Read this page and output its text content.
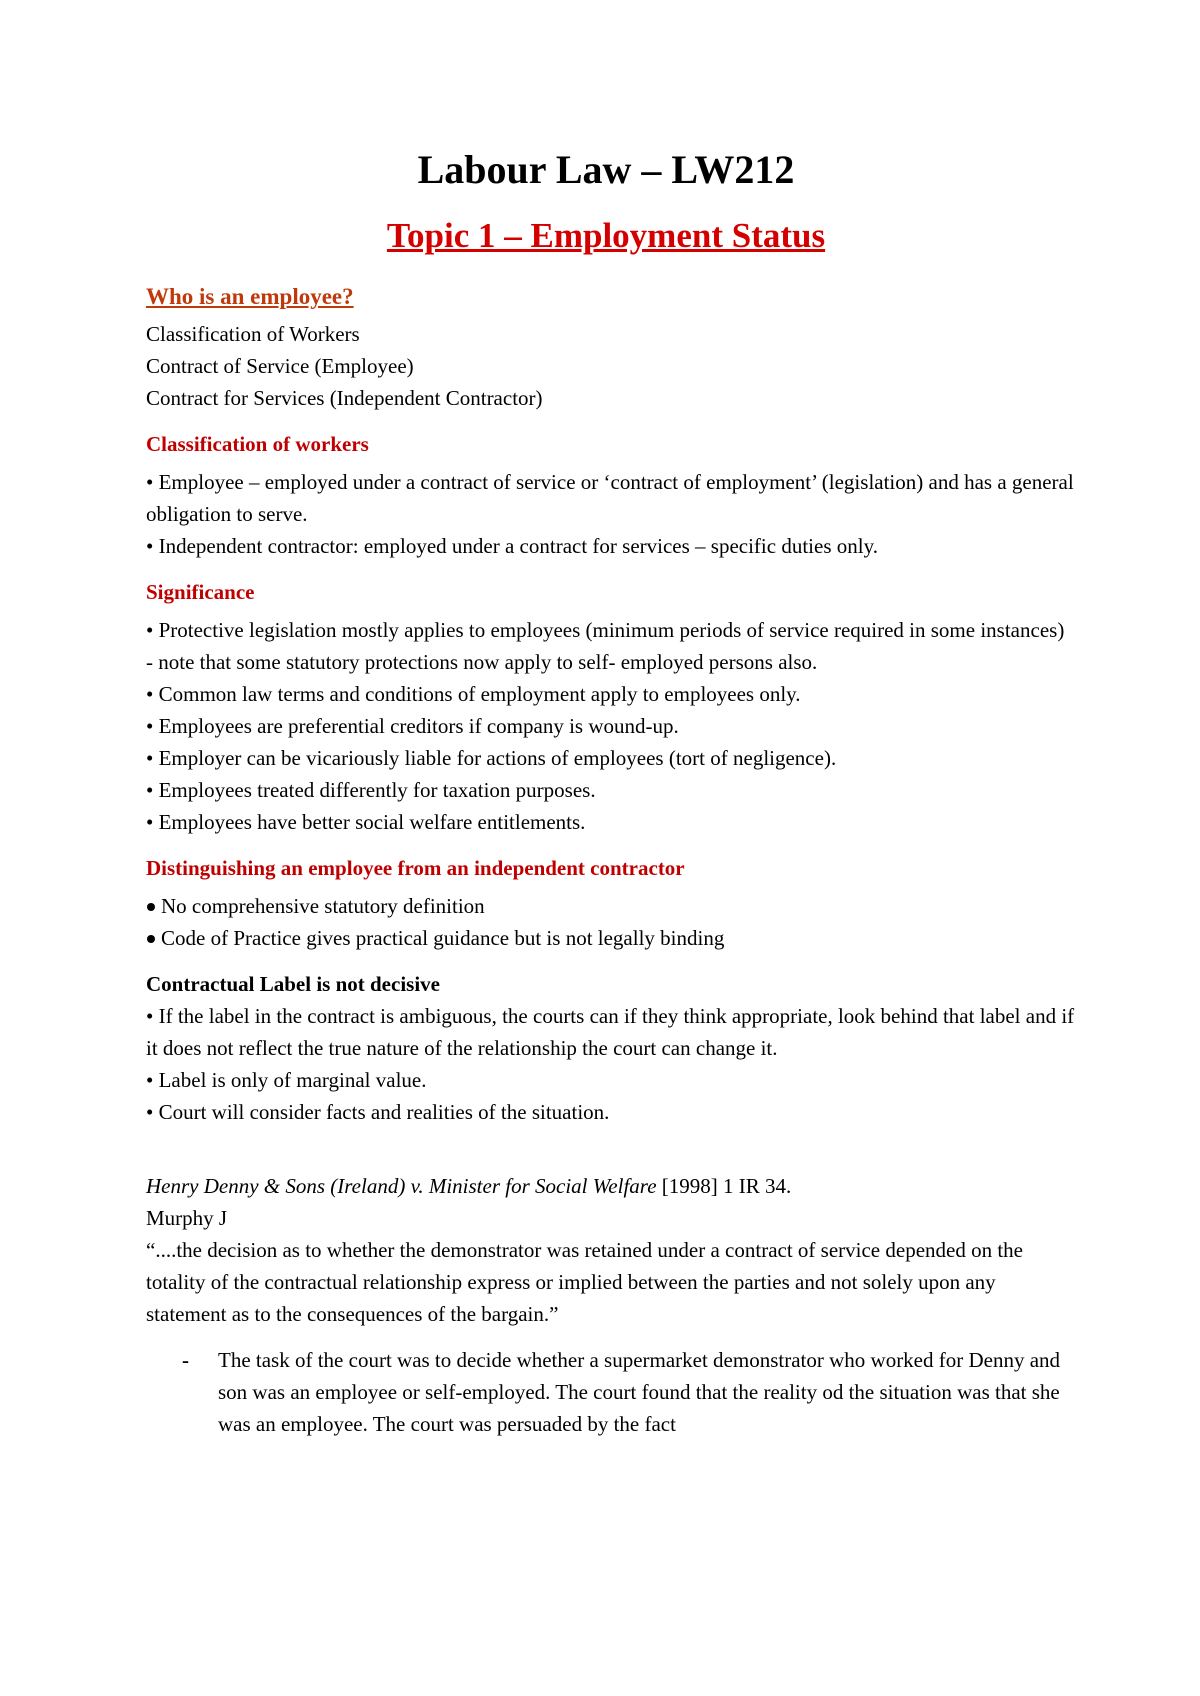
Labour Law – LW212
Topic 1 – Employment Status
Who is an employee?

Classification of Workers

Contract of Service (Employee)

Contract for Services (Independent Contractor)

Classification of workers

• Employee – employed under a contract of service or ‘contract of employment’ (legislation) and has a general obligation to serve.

• Independent contractor: employed under a contract for services – specific duties only.

Significance

• Protective legislation mostly applies to employees (minimum periods of service required in some instances) - note that some statutory protections now apply to self- employed persons also.

• Common law terms and conditions of employment apply to employees only.

• Employees are preferential creditors if company is wound-up.

• Employer can be vicariously liable for actions of employees (tort of negligence).

• Employees treated differently for taxation purposes.

• Employees have better social welfare entitlements.

Distinguishing an employee from an independent contractor

No comprehensive statutory definition

Code of Practice gives practical guidance but is not legally binding

Contractual Label is not decisive

• If the label in the contract is ambiguous, the courts can if they think appropriate, look behind that label and if it does not reflect the true nature of the relationship the court can change it.

• Label is only of marginal value.

• Court will consider facts and realities of the situation.

Henry Denny & Sons (Ireland) v. Minister for Social Welfare [1998] 1 IR 34.

Murphy J

“....the decision as to whether the demonstrator was retained under a contract of service depended on the totality of the contractual relationship express or implied between the parties and not solely upon any statement as to the consequences of the bargain.”

- The task of the court was to decide whether a supermarket demonstrator who worked for Denny and son was an employee or self-employed. The court found that the reality od the situation was that she was an employee. The court was persuaded by the fact
